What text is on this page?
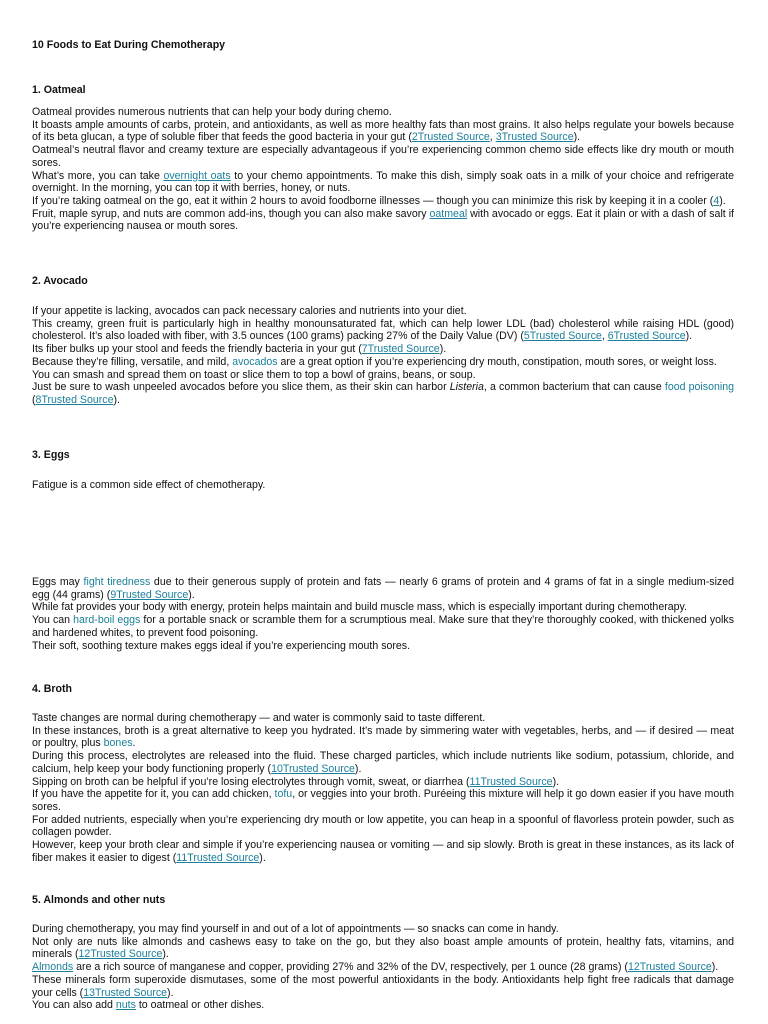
10 Foods to Eat During Chemotherapy
1. Oatmeal

Oatmeal provides numerous nutrients that can help your body during chemo.

It boasts ample amounts of carbs, protein, and antioxidants, as well as more healthy fats than most grains. It also helps regulate your bowels because of its beta glucan, a type of soluble fiber that feeds the good bacteria in your gut (2Trusted Source, 3Trusted Source).

Oatmeal’s neutral flavor and creamy texture are especially advantageous if you’re experiencing common chemo side effects like dry mouth or mouth sores.

What’s more, you can take overnight oats to your chemo appointments. To make this dish, simply soak oats in a milk of your choice and refrigerate overnight. In the morning, you can top it with berries, honey, or nuts.

If you’re taking oatmeal on the go, eat it within 2 hours to avoid foodborne illnesses — though you can minimize this risk by keeping it in a cooler (4).

Fruit, maple syrup, and nuts are common add-ins, though you can also make savory oatmeal with avocado or eggs. Eat it plain or with a dash of salt if you’re experiencing nausea or mouth sores.

2. Avocado

If your appetite is lacking, avocados can pack necessary calories and nutrients into your diet.

This creamy, green fruit is particularly high in healthy monounsaturated fat, which can help lower LDL (bad) cholesterol while raising HDL (good) cholesterol. It’s also loaded with fiber, with 3.5 ounces (100 grams) packing 27% of the Daily Value (DV) (5Trusted Source, 6Trusted Source).

Its fiber bulks up your stool and feeds the friendly bacteria in your gut (7Trusted Source).

Because they’re filling, versatile, and mild, avocados are a great option if you’re experiencing dry mouth, constipation, mouth sores, or weight loss.

You can smash and spread them on toast or slice them to top a bowl of grains, beans, or soup.

Just be sure to wash unpeeled avocados before you slice them, as their skin can harbor Listeria, a common bacterium that can cause food poisoning (8Trusted Source).

3. Eggs

Fatigue is a common side effect of chemotherapy.

Eggs may fight tiredness due to their generous supply of protein and fats — nearly 6 grams of protein and 4 grams of fat in a single medium-sized egg (44 grams) (9Trusted Source).

While fat provides your body with energy, protein helps maintain and build muscle mass, which is especially important during chemotherapy.

You can hard-boil eggs for a portable snack or scramble them for a scrumptious meal. Make sure that they’re thoroughly cooked, with thickened yolks and hardened whites, to prevent food poisoning.

Their soft, soothing texture makes eggs ideal if you’re experiencing mouth sores.

4. Broth

Taste changes are normal during chemotherapy — and water is commonly said to taste different.

In these instances, broth is a great alternative to keep you hydrated. It’s made by simmering water with vegetables, herbs, and — if desired — meat or poultry, plus bones.

During this process, electrolytes are released into the fluid. These charged particles, which include nutrients like sodium, potassium, chloride, and calcium, help keep your body functioning properly (10Trusted Source).

Sipping on broth can be helpful if you’re losing electrolytes through vomit, sweat, or diarrhea (11Trusted Source).

If you have the appetite for it, you can add chicken, tofu, or veggies into your broth. Puréeing this mixture will help it go down easier if you have mouth sores.

For added nutrients, especially when you’re experiencing dry mouth or low appetite, you can heap in a spoonful of flavorless protein powder, such as collagen powder.

However, keep your broth clear and simple if you’re experiencing nausea or vomiting — and sip slowly. Broth is great in these instances, as its lack of fiber makes it easier to digest (11Trusted Source).

5. Almonds and other nuts

During chemotherapy, you may find yourself in and out of a lot of appointments — so snacks can come in handy.

Not only are nuts like almonds and cashews easy to take on the go, but they also boast ample amounts of protein, healthy fats, vitamins, and minerals (12Trusted Source).

Almonds are a rich source of manganese and copper, providing 27% and 32% of the DV, respectively, per 1 ounce (28 grams) (12Trusted Source).

These minerals form superoxide dismutases, some of the most powerful antioxidants in the body. Antioxidants help fight free radicals that damage your cells (13Trusted Source).

You can also add nuts to oatmeal or other dishes.
